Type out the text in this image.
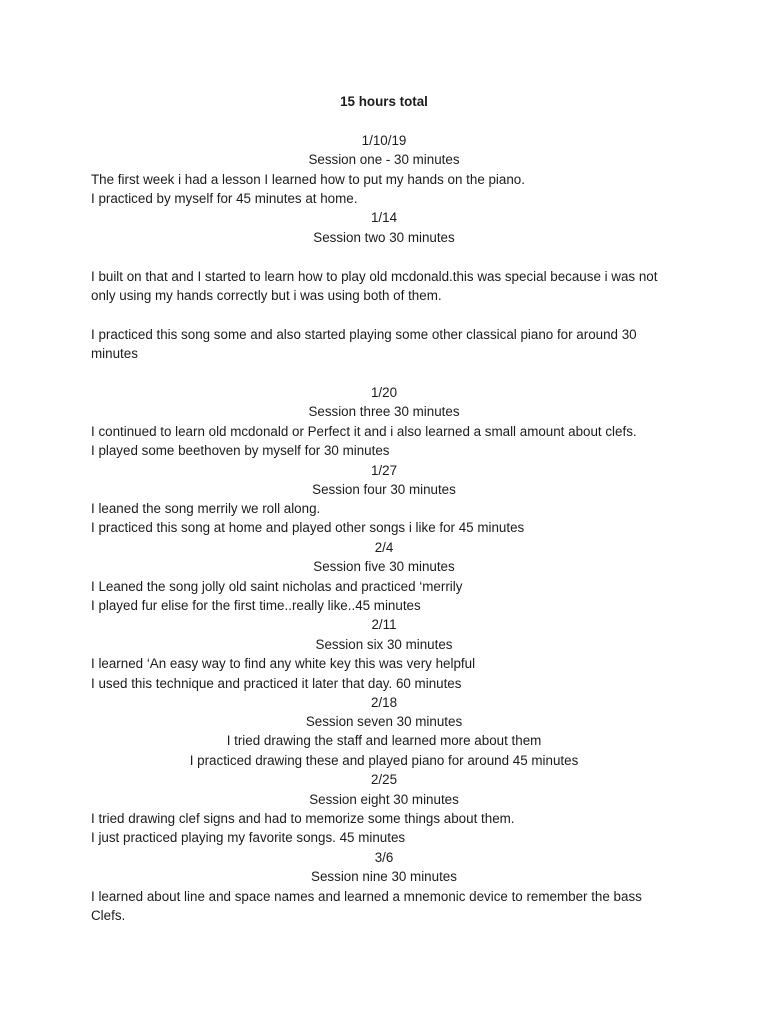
15 hours total
1/10/19
Session one - 30 minutes
The first week i had a lesson I learned how to put my hands on the piano.
I practiced by myself for 45 minutes at home.
1/14
Session two 30 minutes
I built on that and I started to learn how to play old mcdonald.this was special because i was not
only using my hands correctly but i was using both of them.
I practiced this song some and also started playing some other classical piano for around 30
minutes
1/20
Session three 30 minutes
I continued to learn old mcdonald or Perfect it and i also learned a small amount about clefs.
I played some beethoven by myself for 30 minutes
1/27
Session four 30 minutes
I leaned the song merrily we roll along.
I practiced this song at home and played other songs i like for 45 minutes
2/4
Session five 30 minutes
I Leaned the song jolly old saint nicholas and practiced ‘merrily
I played fur elise for the first time..really like..45 minutes
2/11
Session six 30 minutes
I learned ‘An easy way to find any white key this was very helpful
I used this technique and practiced it later that day. 60 minutes
2/18
Session seven 30 minutes
I tried drawing the staff and learned more about them
I practiced drawing these and played piano for around 45 minutes
2/25
Session eight 30 minutes
I tried drawing clef signs and had to memorize some things about them.
I just practiced playing my favorite songs. 45 minutes
3/6
Session nine 30 minutes
I learned about line and space names and learned a mnemonic device to remember the bass
Clefs.
